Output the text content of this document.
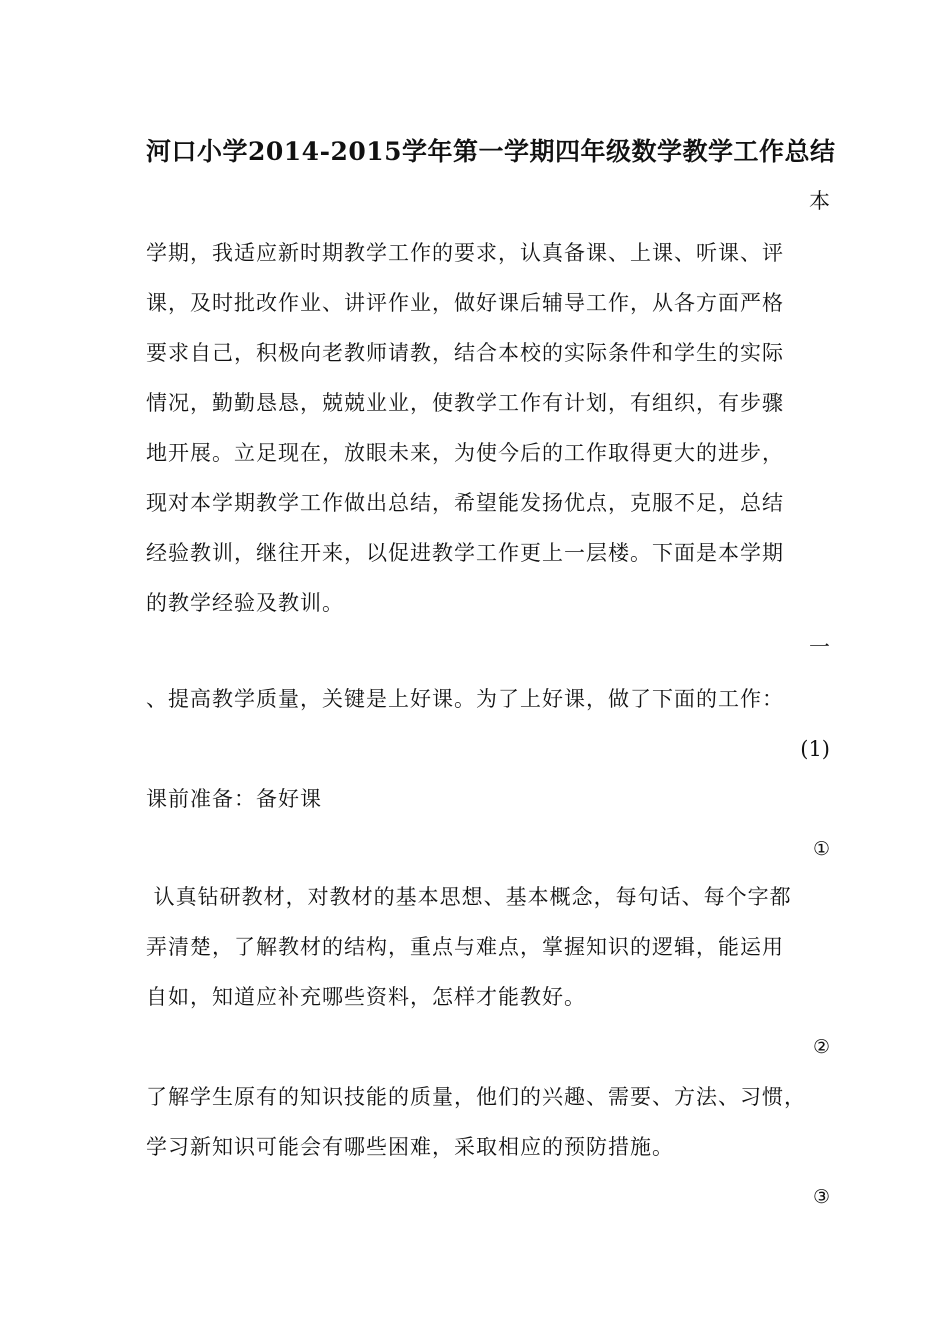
河口小学2014-2015学年第一学期四年级数学教学工作总结
本
学期，我适应新时期教学工作的要求，认真备课、上课、听课、评
课，及时批改作业、讲评作业，做好课后辅导工作，从各方面严格
要求自己，积极向老教师请教，结合本校的实际条件和学生的实际
情况，勤勤恳恳，兢兢业业，使教学工作有计划，有组织，有步骤
地开展。立足现在，放眼未来，为使今后的工作取得更大的进步，
现对本学期教学工作做出总结，希望能发扬优点，克服不足，总结
经验教训，继往开来，以促进教学工作更上一层楼。下面是本学期
的教学经验及教训。
一
、提高教学质量，关键是上好课。为了上好课，做了下面的工作：
(1)
课前准备：备好课
①
认真钻研教材，对教材的基本思想、基本概念，每句话、每个字都
弄清楚，了解教材的结构，重点与难点，掌握知识的逻辑，能运用
自如，知道应补充哪些资料，怎样才能教好。
②
了解学生原有的知识技能的质量，他们的兴趣、需要、方法、习惯，
学习新知识可能会有哪些困难，采取相应的预防措施。
③
